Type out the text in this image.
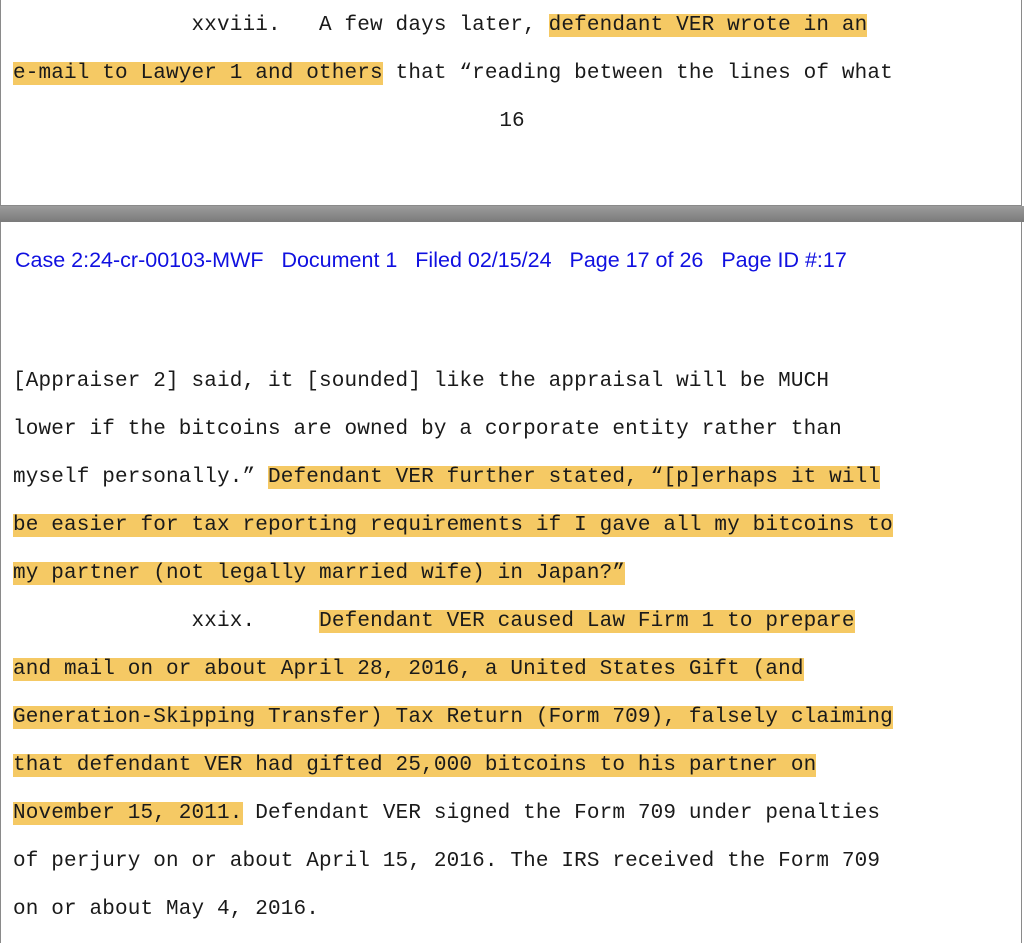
xxviii.   A few days later, defendant VER wrote in an
e-mail to Lawyer 1 and others that “reading between the lines of what
16
Case 2:24-cr-00103-MWF Document 1 Filed 02/15/24 Page 17 of 26 Page ID #:17
[Appraiser 2] said, it [sounded] like the appraisal will be MUCH
lower if the bitcoins are owned by a corporate entity rather than
myself personally.” Defendant VER further stated, “[p]erhaps it will
be easier for tax reporting requirements if I gave all my bitcoins to
my partner (not legally married wife) in Japan?”
xxix.     Defendant VER caused Law Firm 1 to prepare
and mail on or about April 28, 2016, a United States Gift (and
Generation-Skipping Transfer) Tax Return (Form 709), falsely claiming
that defendant VER had gifted 25,000 bitcoins to his partner on
November 15, 2011. Defendant VER signed the Form 709 under penalties
of perjury on or about April 15, 2016. The IRS received the Form 709
on or about May 4, 2016.
